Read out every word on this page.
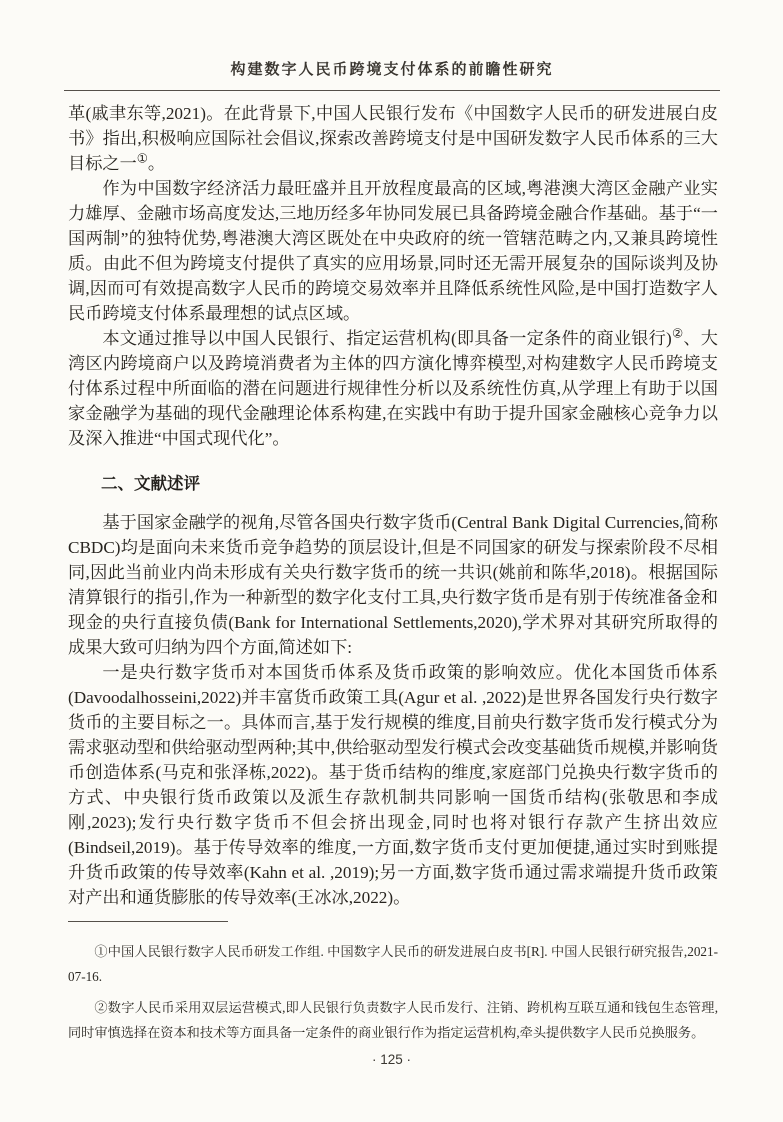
构建数字人民币跨境支付体系的前瞻性研究

革(戚聿东等,2021)。在此背景下,中国人民银行发布《中国数字人民币的研发进展白皮书》指出,积极响应国际社会倡议,探索改善跨境支付是中国研发数字人民币体系的三大目标之一①。

作为中国数字经济活力最旺盛并且开放程度最高的区域,粤港澳大湾区金融产业实力雄厚、金融市场高度发达,三地历经多年协同发展已具备跨境金融合作基础。基于“一国两制”的独特优势,粤港澳大湾区既处在中央政府的统一管辖范畴之内,又兼具跨境性质。由此不但为跨境支付提供了真实的应用场景,同时还无需开展复杂的国际谈判及协调,因而可有效提高数字人民币的跨境交易效率并且降低系统性风险,是中国打造数字人民币跨境支付体系最理想的试点区域。

本文通过推导以中国人民银行、指定运营机构(即具备一定条件的商业银行)②、大湾区内跨境商户以及跨境消费者为主体的四方演化博弈模型,对构建数字人民币跨境支付体系过程中所面临的潜在问题进行规律性分析以及系统性仿真,从学理上有助于以国家金融学为基础的现代金融理论体系构建,在实践中有助于提升国家金融核心竞争力以及深入推进“中国式现代化”。

二、文献述评

基于国家金融学的视角,尽管各国央行数字货币(Central Bank Digital Currencies,简称CBDC)均是面向未来货币竞争趋势的顶层设计,但是不同国家的研发与探索阶段不尽相同,因此当前业内尚未形成有关央行数字货币的统一共识(姚前和陈华,2018)。根据国际清算银行的指引,作为一种新型的数字化支付工具,央行数字货币是有别于传统准备金和现金的央行直接负债(Bank for International Settlements,2020),学术界对其研究所取得的成果大致可归纳为四个方面,简述如下:

一是央行数字货币对本国货币体系及货币政策的影响效应。优化本国货币体系(Davoodalhosseini,2022)并丰富货币政策工具(Agur et al. ,2022)是世界各国发行央行数字货币的主要目标之一。具体而言,基于发行规模的维度,目前央行数字货币发行模式分为需求驱动型和供给驱动型两种;其中,供给驱动型发行模式会改变基础货币规模,并影响货币创造体系(马克和张泽栋,2022)。基于货币结构的维度,家庭部门兑换央行数字货币的方式、中央银行货币政策以及派生存款机制共同影响一国货币结构(张敬思和李成刚,2023);发行央行数字货币不但会挤出现金,同时也将对银行存款产生挤出效应(Bindseil,2019)。基于传导效率的维度,一方面,数字货币支付更加便捷,通过实时到账提升货币政策的传导效率(Kahn et al. ,2019);另一方面,数字货币通过需求端提升货币政策对产出和通货膨胀的传导效率(王冰冰,2022)。

①中国人民银行数字人民币研发工作组. 中国数字人民币的研发进展白皮书[R]. 中国人民银行研究报告,2021-07-16.

②数字人民币采用双层运营模式,即人民银行负责数字人民币发行、注销、跨机构互联互通和钱包生态管理,同时审慎选择在资本和技术等方面具备一定条件的商业银行作为指定运营机构,牵头提供数字人民币兑换服务。

· 125 ·
